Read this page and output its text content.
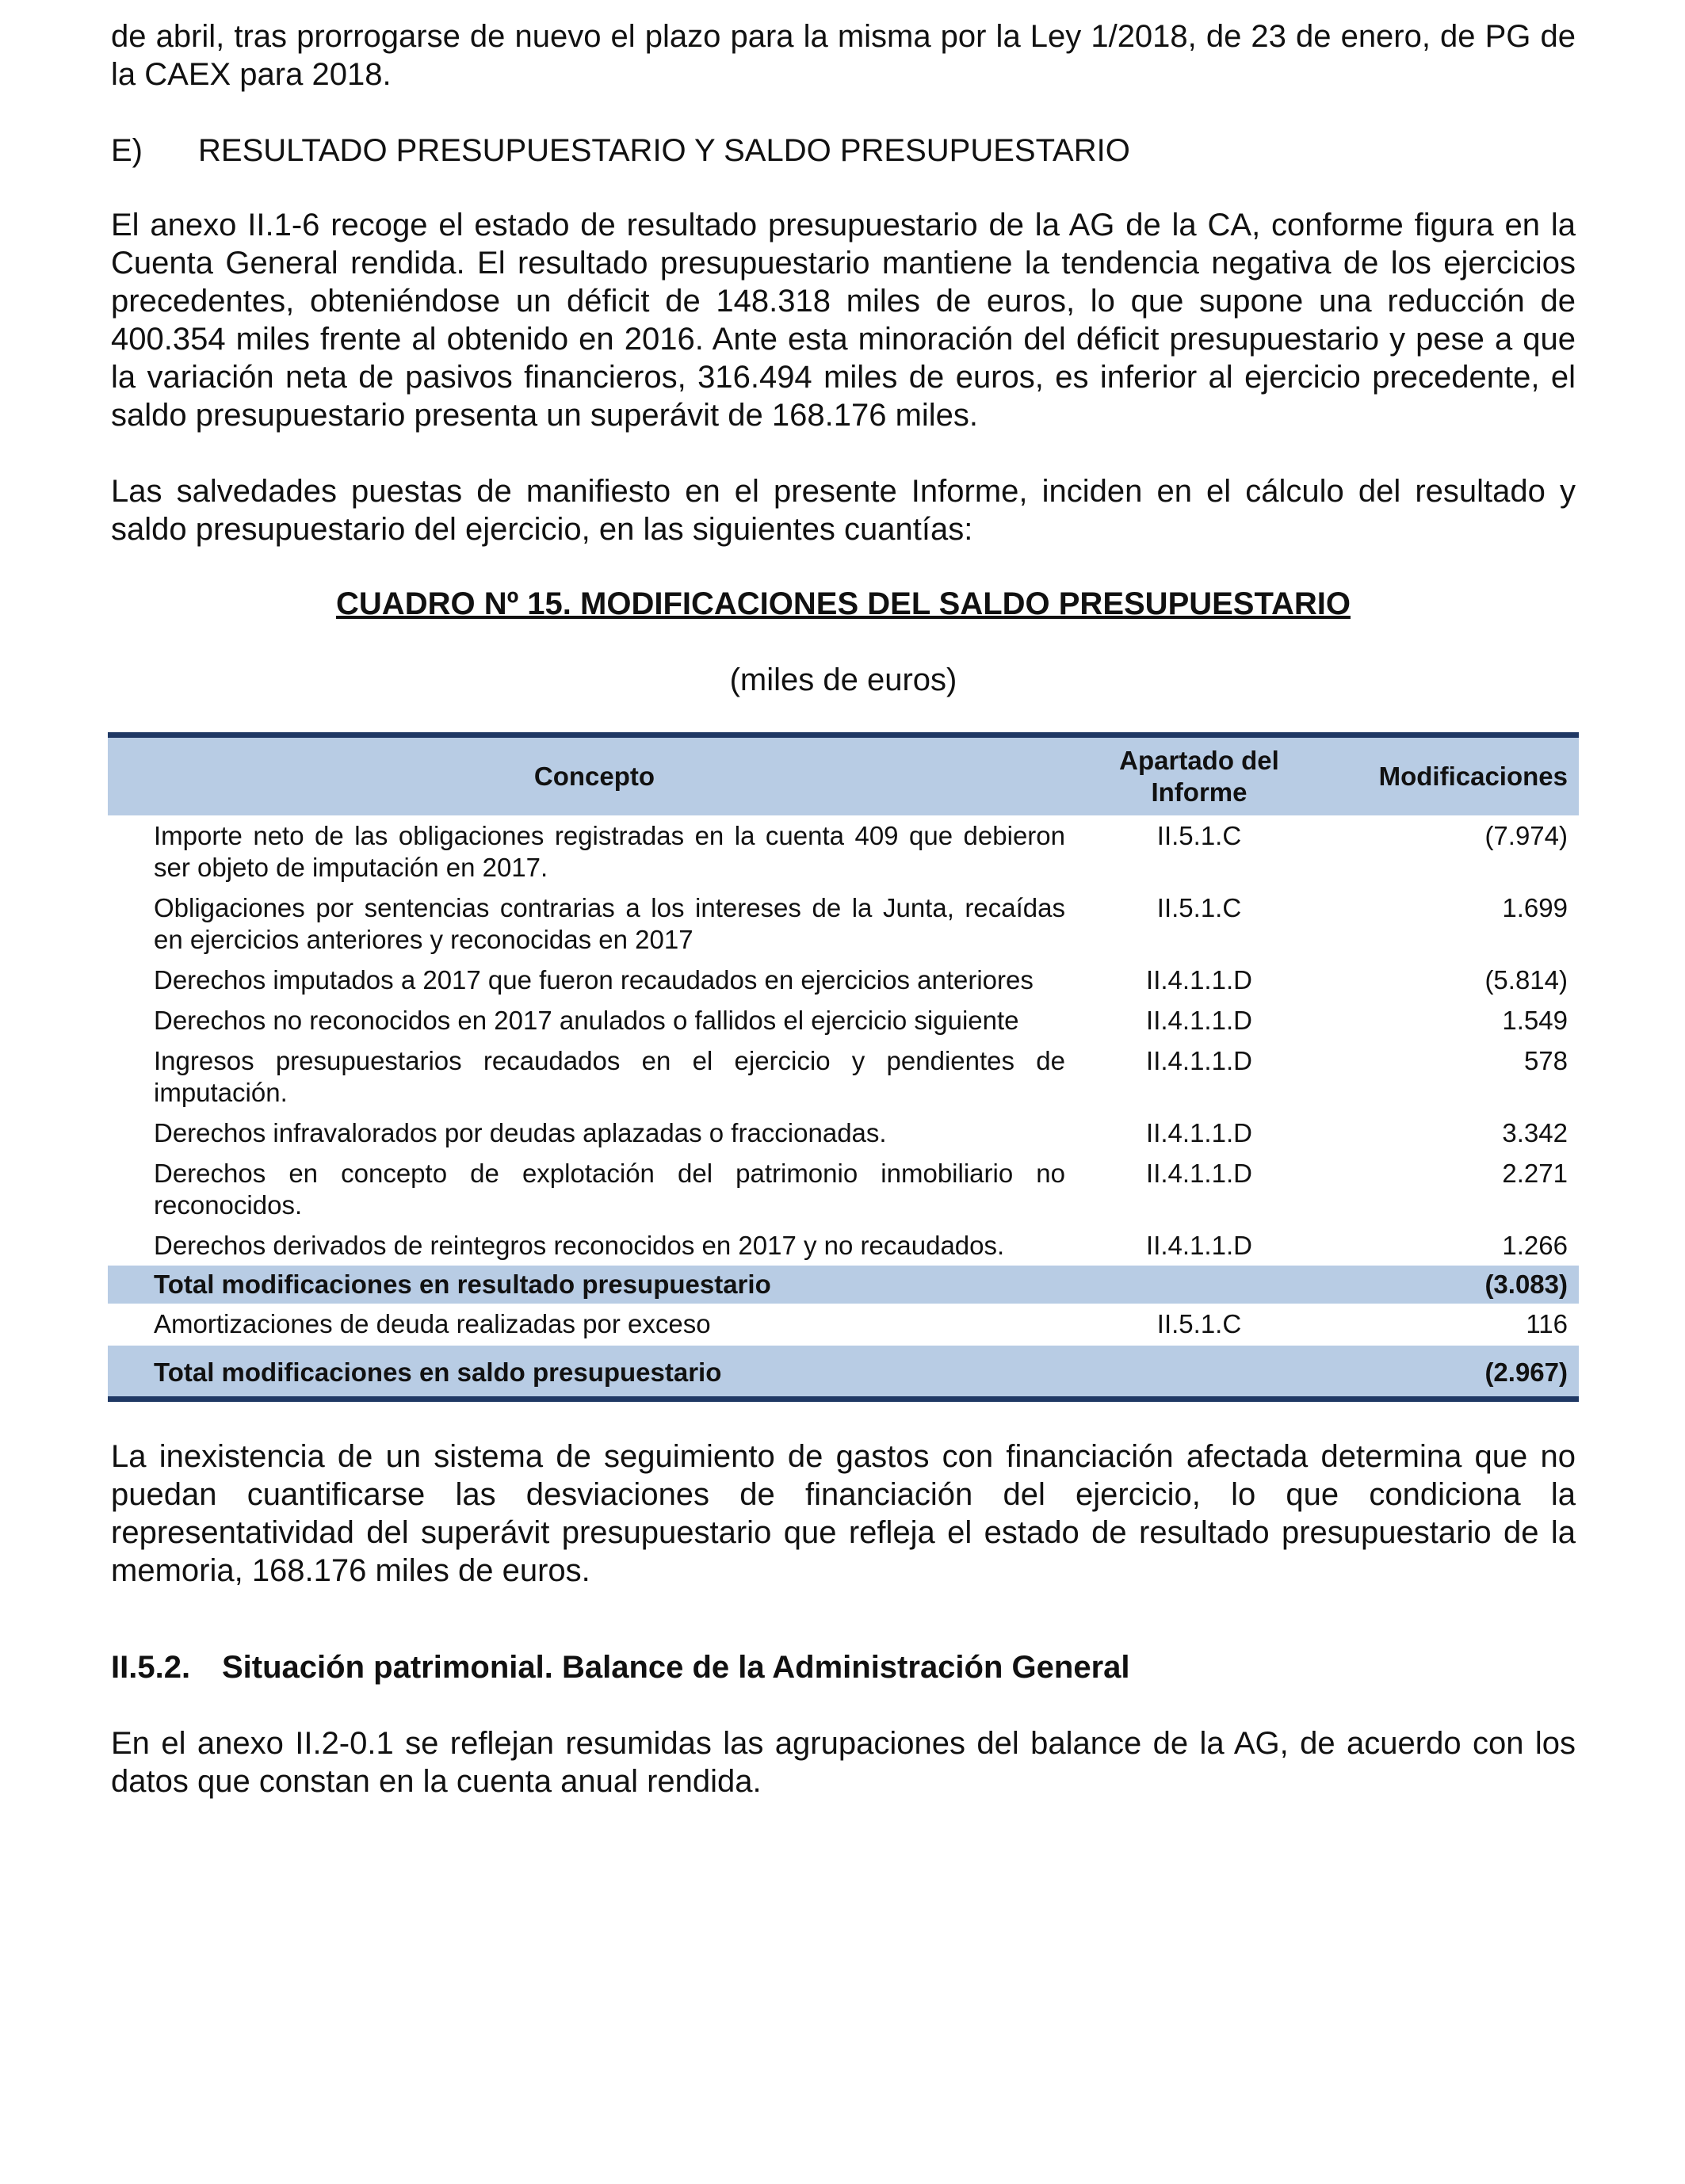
de abril, tras prorrogarse de nuevo el plazo para la misma por la Ley 1/2018, de 23 de enero, de PG de la CAEX para 2018.

E) RESULTADO PRESUPUESTARIO Y SALDO PRESUPUESTARIO

El anexo II.1-6 recoge el estado de resultado presupuestario de la AG de la CA, conforme figura en la Cuenta General rendida. El resultado presupuestario mantiene la tendencia negativa de los ejercicios precedentes, obteniéndose un déficit de 148.318 miles de euros, lo que supone una reducción de 400.354 miles frente al obtenido en 2016. Ante esta minoración del déficit presupuestario y pese a que la variación neta de pasivos financieros, 316.494 miles de euros, es inferior al ejercicio precedente, el saldo presupuestario presenta un superávit de 168.176 miles.

Las salvedades puestas de manifiesto en el presente Informe, inciden en el cálculo del resultado y saldo presupuestario del ejercicio, en las siguientes cuantías:

CUADRO Nº 15. MODIFICACIONES DEL SALDO PRESUPUESTARIO
(miles de euros)
Concepto	Apartado del Informe	Modificaciones
Importe neto de las obligaciones registradas en la cuenta 409 que debieron ser objeto de imputación en 2017.	II.5.1.C	(7.974)
Obligaciones por sentencias contrarias a los intereses de la Junta, recaídas en ejercicios anteriores y reconocidas en 2017	II.5.1.C	1.699
Derechos imputados a 2017 que fueron recaudados en ejercicios anteriores	II.4.1.1.D	(5.814)
Derechos no reconocidos en 2017 anulados o fallidos el ejercicio siguiente	II.4.1.1.D	1.549
Ingresos presupuestarios recaudados en el ejercicio y pendientes de imputación.	II.4.1.1.D	578
Derechos infravalorados por deudas aplazadas o fraccionadas.	II.4.1.1.D	3.342
Derechos en concepto de explotación del patrimonio inmobiliario no reconocidos.	II.4.1.1.D	2.271
Derechos derivados de reintegros reconocidos en 2017 y no recaudados.	II.4.1.1.D	1.266
Total modificaciones en resultado presupuestario		(3.083)
Amortizaciones de deuda realizadas por exceso	II.5.1.C	116
Total modificaciones en saldo presupuestario		(2.967)

La inexistencia de un sistema de seguimiento de gastos con financiación afectada determina que no puedan cuantificarse las desviaciones de financiación del ejercicio, lo que condiciona la representatividad del superávit presupuestario que refleja el estado de resultado presupuestario de la memoria, 168.176 miles de euros.

II.5.2. Situación patrimonial. Balance de la Administración General

En el anexo II.2-0.1 se reflejan resumidas las agrupaciones del balance de la AG, de acuerdo con los datos que constan en la cuenta anual rendida.
